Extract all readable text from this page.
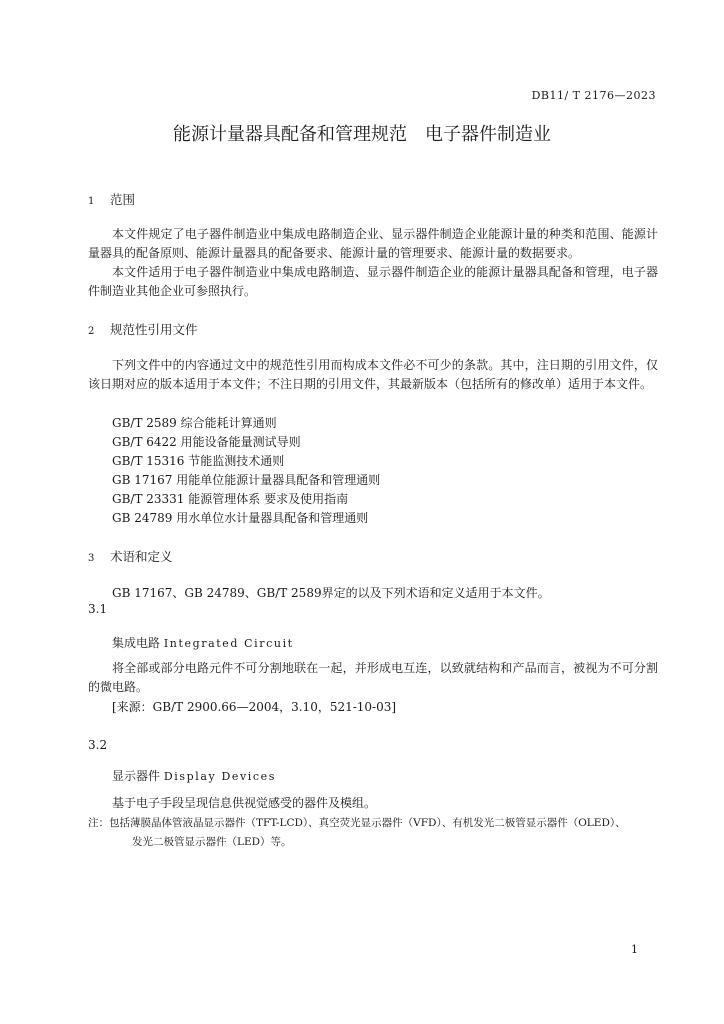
DB11/ T 2176—2023
能源计量器具配备和管理规范　电子器件制造业
1 范围
本文件规定了电子器件制造业中集成电路制造企业、显示器件制造企业能源计量的种类和范围、能源计量器具的配备原则、能源计量器具的配备要求、能源计量的管理要求、能源计量的数据要求。
本文件适用于电子器件制造业中集成电路制造、显示器件制造企业的能源计量器具配备和管理，电子器件制造业其他企业可参照执行。
2 规范性引用文件
下列文件中的内容通过文中的规范性引用而构成本文件必不可少的条款。其中，注日期的引用文件，仅该日期对应的版本适用于本文件；不注日期的引用文件，其最新版本（包括所有的修改单）适用于本文件。
GB/T 2589 综合能耗计算通则
GB/T 6422 用能设备能量测试导则
GB/T 15316 节能监测技术通则
GB 17167 用能单位能源计量器具配备和管理通则
GB/T 23331 能源管理体系 要求及使用指南
GB 24789 用水单位水计量器具配备和管理通则
3 术语和定义
GB 17167、GB 24789、GB/T 2589界定的以及下列术语和定义适用于本文件。
3.1
集成电路 Integrated Circuit
将全部或部分电路元件不可分割地联在一起，并形成电互连，以致就结构和产品而言，被视为不可分割的微电路。
[来源：GB/T 2900.66—2004，3.10，521-10-03]
3.2
显示器件 Display Devices
基于电子手段呈现信息供视觉感受的器件及模组。
注：包括薄膜晶体管液晶显示器件（TFT-LCD）、真空荧光显示器件（VFD）、有机发光二极管显示器件（OLED）、
发光二极管显示器件（LED）等。
1
